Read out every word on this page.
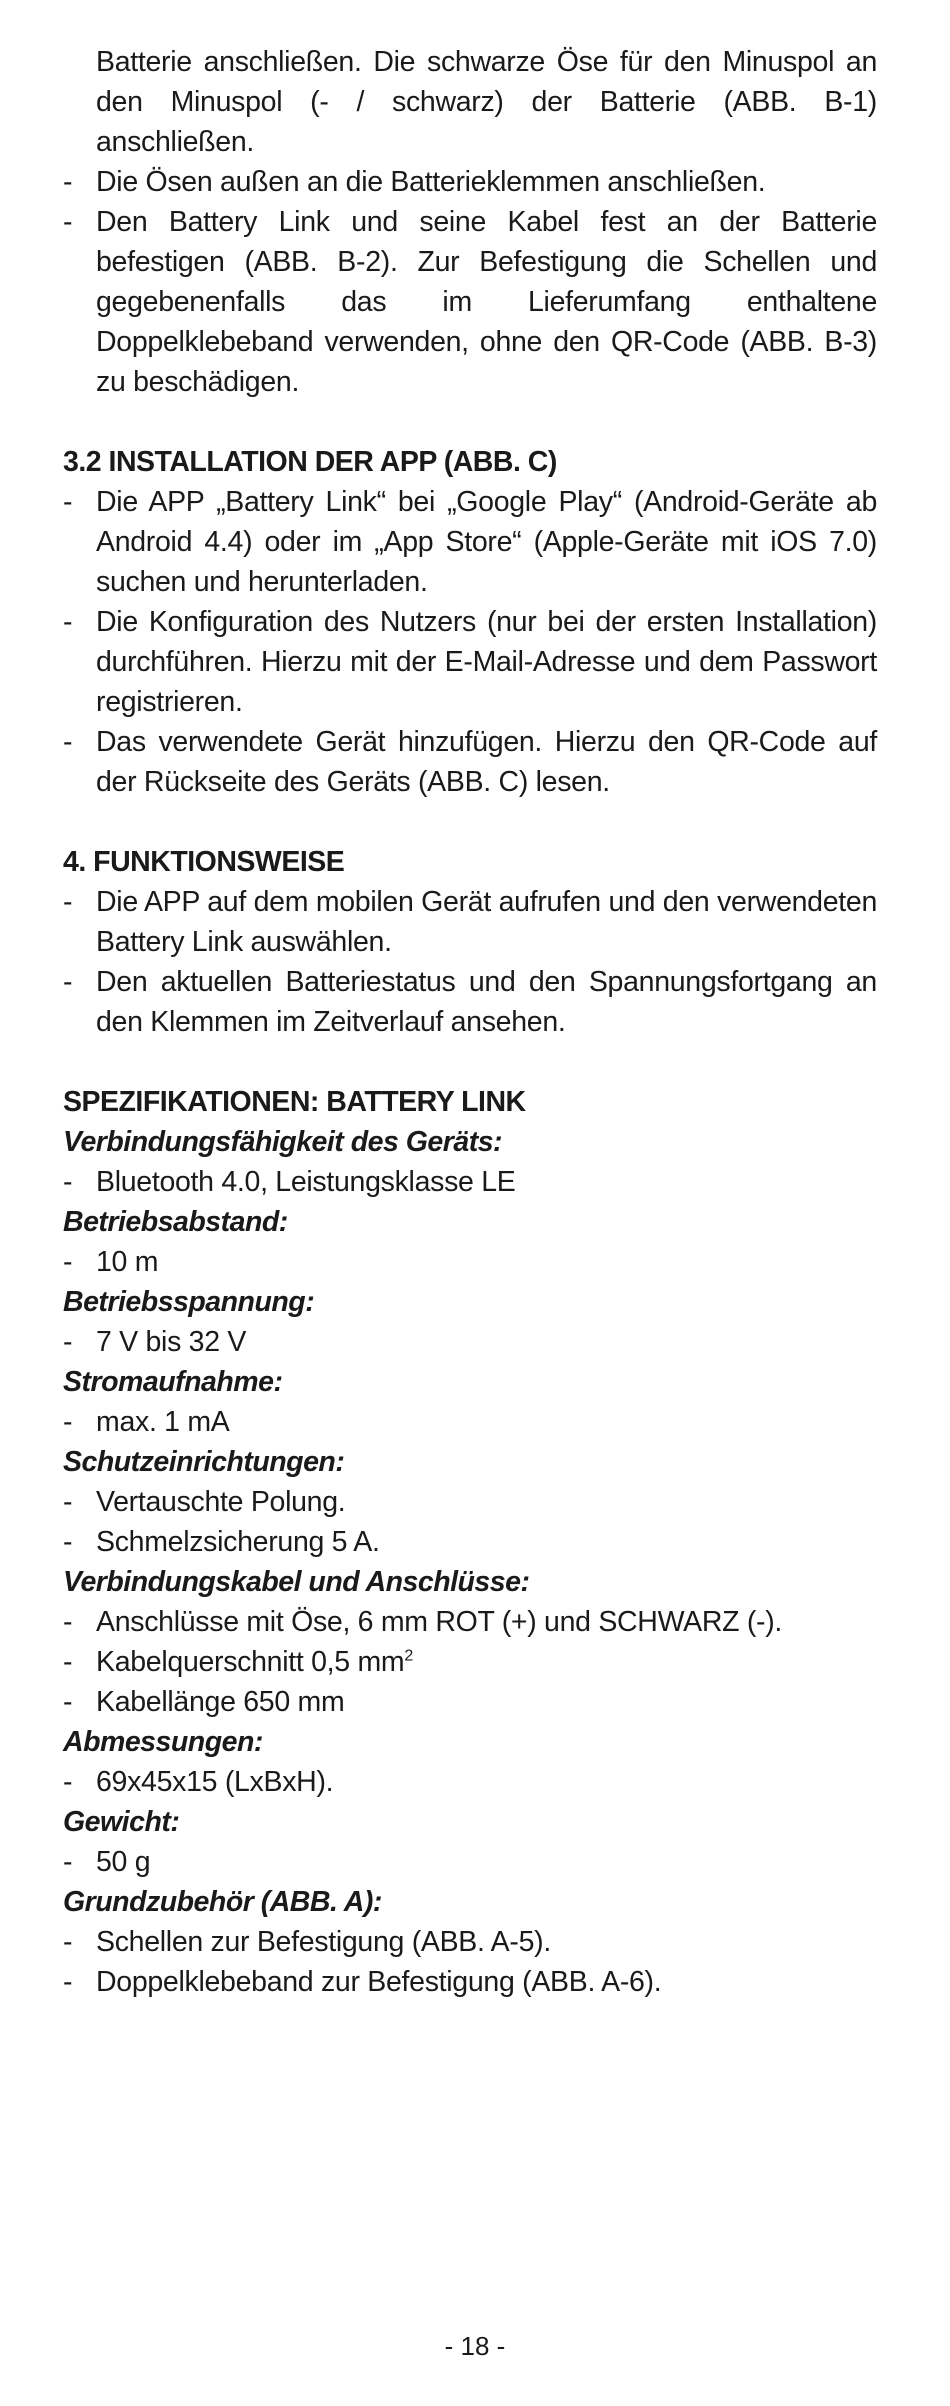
Batterie anschließen. Die schwarze Öse für den Minuspol an den Minuspol (- / schwarz) der Batterie (ABB. B-1) anschließen.

- Die Ösen außen an die Batterieklemmen anschließen.
- Den Battery Link und seine Kabel fest an der Batterie befestigen (ABB. B-2). Zur Befestigung die Schellen und gegebenenfalls das im Lieferumfang enthaltene Doppelklebeband verwenden, ohne den QR-Code (ABB. B-3) zu beschädigen.

3.2 INSTALLATION DER APP (ABB. C)

- Die APP „Battery Link“ bei „Google Play“ (Android-Geräte ab Android 4.4) oder im „App Store“ (Apple-Geräte mit iOS 7.0) suchen und herunterladen.
- Die Konfiguration des Nutzers (nur bei der ersten Installation) durchführen. Hierzu mit der E-Mail-Adresse und dem Passwort registrieren.
- Das verwendete Gerät hinzufügen. Hierzu den QR-Code auf der Rückseite des Geräts (ABB. C) lesen.

4. FUNKTIONSWEISE

- Die APP auf dem mobilen Gerät aufrufen und den verwendeten Battery Link auswählen.
- Den aktuellen Batteriestatus und den Spannungsfortgang an den Klemmen im Zeitverlauf ansehen.

SPEZIFIKATIONEN: BATTERY LINK

Verbindungsfähigkeit des Geräts:

- Bluetooth 4.0, Leistungsklasse LE

Betriebsabstand:

- 10 m

Betriebsspannung:

- 7 V bis 32 V

Stromaufnahme:

- max. 1 mA

Schutzeinrichtungen:

- Vertauschte Polung.
- Schmelzsicherung 5 A.

Verbindungskabel und Anschlüsse:

- Anschlüsse mit Öse, 6 mm ROT (+) und SCHWARZ (-).
- Kabelquerschnitt 0,5 $mm^2$
- Kabellänge 650 mm

Abmessungen:

- 69x45x15 (LxBxH).

Gewicht:

- 50 g

Grundzubehör (ABB. A):

- Schellen zur Befestigung (ABB. A-5).
- Doppelklebeband zur Befestigung (ABB. A-6).
- 18 -
